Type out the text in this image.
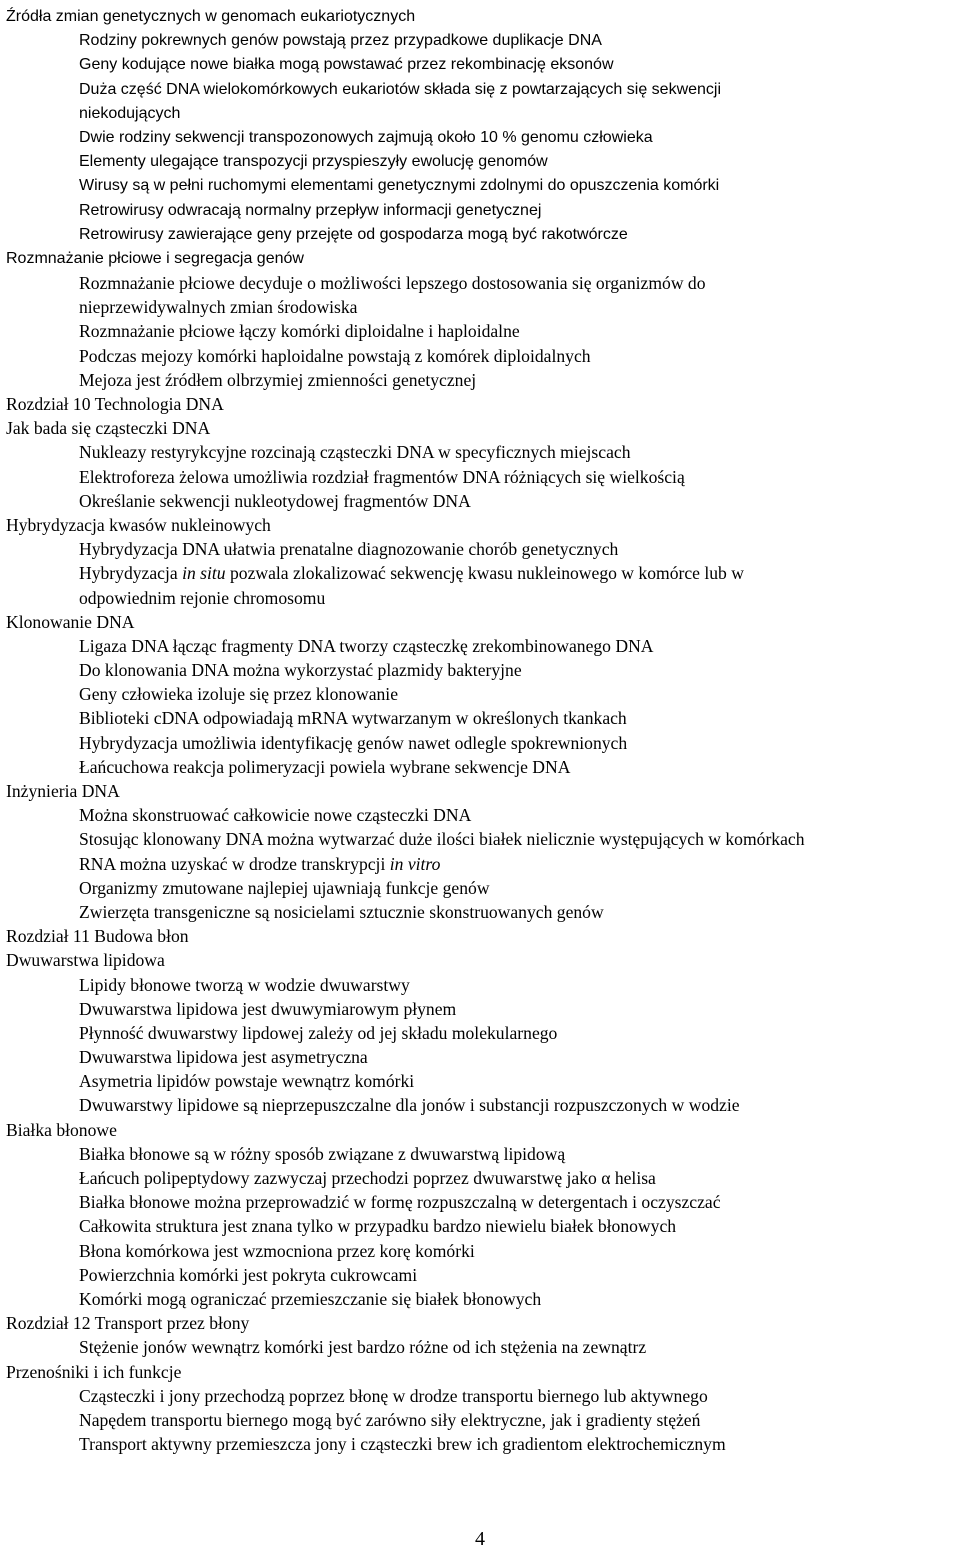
Źródła zmian genetycznych w genomach eukariotycznych
Rodziny pokrewnych genów powstają przez przypadkowe duplikacje DNA
Geny kodujące nowe białka mogą powstawać przez rekombinację eksonów
Duża część DNA wielokomórkowych eukariotów składa się z powtarzających się sekwencji
niekodujących
Dwie rodziny sekwencji transpozonowych zajmują około 10 % genomu człowieka
Elementy ulegające transpozycji przyspieszyły ewolucję genomów
Wirusy są w pełni ruchomymi elementami genetycznymi zdolnymi do opuszczenia komórki
Retrowirusy odwracają normalny przepływ informacji genetycznej
Retrowirusy zawierające geny przejęte od gospodarza mogą być rakotwórcze
Rozmnażanie płciowe i segregacja genów
Rozmnażanie płciowe decyduje o możliwości lepszego dostosowania się organizmów do
nieprzewidywalnych zmian środowiska
Rozmnażanie płciowe łączy komórki diploidalne i haploidalne
Podczas mejozy komórki haploidalne powstają z komórek diploidalnych
Mejoza jest źródłem olbrzymiej zmienności genetycznej
Rozdział 10 Technologia DNA
Jak bada się cząsteczki DNA
Nukleazy restyrykcyjne rozcinają cząsteczki DNA w specyficznych miejscach
Elektroforeza żelowa umożliwia rozdział fragmentów DNA różniących się wielkością
Określanie sekwencji nukleotydowej fragmentów DNA
Hybrydyzacja kwasów nukleinowych
Hybrydyzacja DNA ułatwia prenatalne diagnozowanie chorób genetycznych
Hybrydyzacja in situ pozwala zlokalizować sekwencję kwasu nukleinowego w komórce lub w
odpowiednim rejonie chromosomu
Klonowanie DNA
Ligaza DNA łącząc fragmenty DNA tworzy cząsteczkę zrekombinowanego DNA
Do klonowania DNA można wykorzystać plazmidy bakteryjne
Geny człowieka izoluje się przez klonowanie
Biblioteki cDNA odpowiadają mRNA wytwarzanym w określonych tkankach
Hybrydyzacja umożliwia identyfikację genów nawet odlegle spokrewnionych
Łańcuchowa reakcja polimeryzacji powiela wybrane sekwencje DNA
Inżynieria DNA
Można skonstruować całkowicie nowe cząsteczki DNA
Stosując klonowany DNA można wytwarzać duże ilości białek nielicznie występujących w komórkach
RNA można uzyskać w drodze transkrypcji in vitro
Organizmy zmutowane najlepiej ujawniają funkcje genów
Zwierzęta transgeniczne są nosicielami sztucznie skonstruowanych genów
Rozdział 11 Budowa błon
Dwuwarstwa lipidowa
Lipidy błonowe tworzą w wodzie dwuwarstwy
Dwuwarstwa lipidowa jest dwuwymiarowym płynem
Płynność dwuwarstwy lipdowej zależy od jej składu molekularnego
Dwuwarstwa lipidowa jest asymetryczna
Asymetria lipidów powstaje wewnątrz komórki
Dwuwarstwy lipidowe są nieprzepuszczalne dla jonów i substancji rozpuszczonych w wodzie
Białka błonowe
Białka błonowe są w różny sposób związane z dwuwarstwą lipidową
Łańcuch polipeptydowy zazwyczaj przechodzi poprzez dwuwarstwę jako α helisa
Białka błonowe można przeprowadzić w formę rozpuszczalną w detergentach i oczyszczać
Całkowita struktura jest znana tylko w przypadku bardzo niewielu białek błonowych
Błona komórkowa jest wzmocniona przez korę komórki
Powierzchnia komórki jest pokryta cukrowcami
Komórki mogą ograniczać przemieszczanie się białek błonowych
Rozdział 12 Transport przez błony
Stężenie jonów wewnątrz komórki jest bardzo różne od ich stężenia na zewnątrz
Przenośniki i ich funkcje
Cząsteczki i jony przechodzą poprzez błonę w drodze transportu biernego lub aktywnego
Napędem transportu biernego mogą być zarówno siły elektryczne, jak i gradienty stężeń
Transport aktywny przemieszcza jony i cząsteczki brew ich gradientom elektrochemicznym
4
